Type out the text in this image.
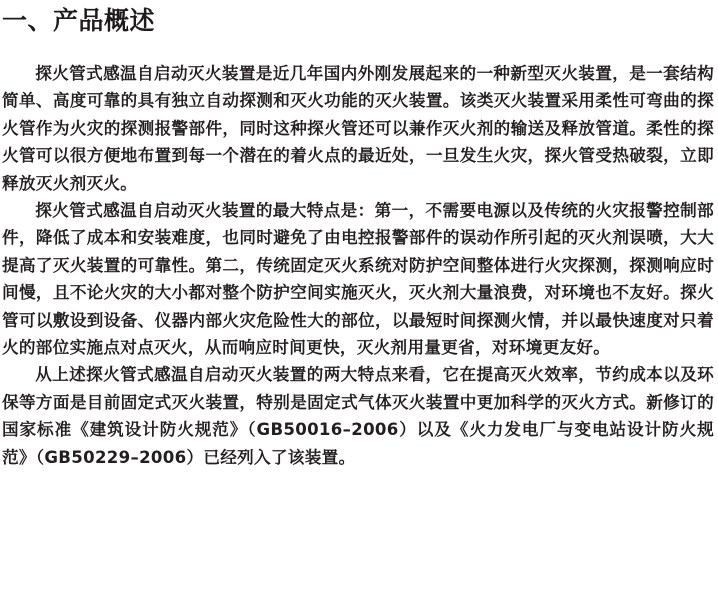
一、产品概述

探火管式感温自启动灭火装置是近几年国内外刚发展起来的一种新型灭火装置，是一套结构简单、高度可靠的具有独立自动探测和灭火功能的灭火装置。该类灭火装置采用柔性可弯曲的探火管作为火灾的探测报警部件，同时这种探火管还可以兼作灭火剂的输送及释放管道。柔性的探火管可以很方便地布置到每一个潜在的着火点的最近处，一旦发生火灾，探火管受热破裂，立即释放灭火剂灭火。

探火管式感温自启动灭火装置的最大特点是：第一，不需要电源以及传统的火灾报警控制部件，降低了成本和安装难度，也同时避免了由电控报警部件的误动作所引起的灭火剂误喷，大大提高了灭火装置的可靠性。第二，传统固定灭火系统对防护空间整体进行火灾探测，探测响应时间慢，且不论火灾的大小都对整个防护空间实施灭火，灭火剂大量浪费，对环境也不友好。探火管可以敷设到设备、仪器内部火灾危险性大的部位，以最短时间探测火情，并以最快速度对只着火的部位实施点对点灭火，从而响应时间更快，灭火剂用量更省，对环境更友好。

从上述探火管式感温自启动灭火装置的两大特点来看，它在提高灭火效率，节约成本以及环保等方面是目前固定式灭火装置，特别是固定式气体灭火装置中更加科学的灭火方式。新修订的国家标准《建筑设计防火规范》（GB50016–2006）以及《火力发电厂与变电站设计防火规范》（GB50229–2006）已经列入了该装置。
